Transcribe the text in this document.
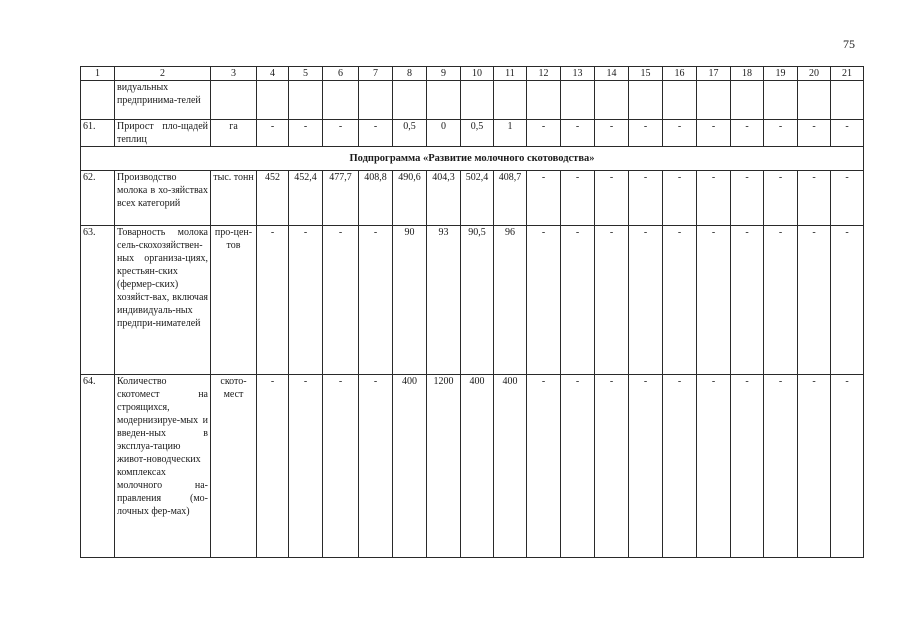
75
1	2	3	4	5	6	7	8	9	10	11	12	13	14	15	16	17	18	19	20	21
	видуальных предпринима-телей																			
61.	Прирост пло-щадей теплиц	га	-	-	-	-	0,5	0	0,5	1	-	-	-	-	-	-	-	-	-	-
Подпрограмма «Развитие молочного скотоводства»																				
62.	Производство молока в хо-зяйствах всех категорий	тыс. тонн	452	452,4	477,7	408,8	490,6	404,3	502,4	408,7	-	-	-	-	-	-	-	-	-	-
63.	Товарность молока сель-скохозяйствен-ных организа-циях, крестьян-ских (фермер-ских) хозяйст-вах, включая индивидуаль-ных предпри-нимателей	про-цен-тов	-	-	-	-	90	93	90,5	96	-	-	-	-	-	-	-	-	-	-
64.	Количество скотомест на строящихся, модернизируе-мых и введен-ных в эксплуа-тацию живот-новодческих комплексах молочного на-правления (мо-лочных фер-мах)	ското-мест	-	-	-	-	400	1200	400	400	-	-	-	-	-	-	-	-	-	-
